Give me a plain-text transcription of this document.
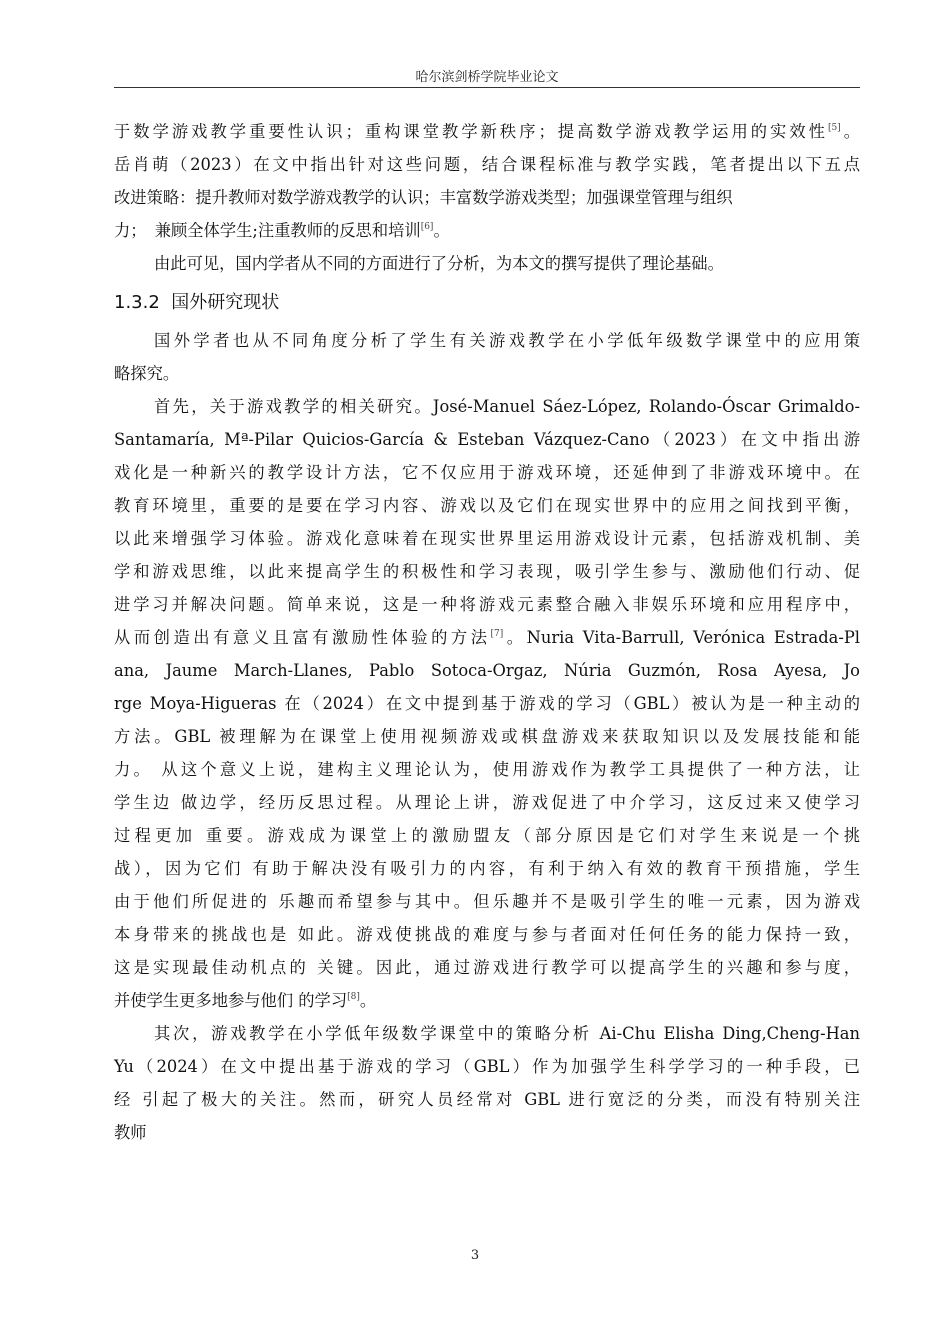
哈尔滨剑桥学院毕业论文
于数学游戏教学重要性认识；重构课堂教学新秩序；提高数学游戏教学运用的实效性[5]。
岳肖萌（2023）在文中指出针对这些问题，结合课程标准与教学实践，笔者提出以下五点
改进策略：提升教师对数学游戏教学的认识；丰富数学游戏类型；加强课堂管理与组织
力；　兼顾全体学生;注重教师的反思和培训[6]。
由此可见，国内学者从不同的方面进行了分析，为本文的撰写提供了理论基础。
1.3.2 国外研究现状
国外学者也从不同角度分析了学生有关游戏教学在小学低年级数学课堂中的应用策
略探究。
首先，关于游戏教学的相关研究。José-Manuel Sáez-López, Rolando-Óscar Grimaldo-
Santamaría, Mª-Pilar Quicios-García & Esteban Vázquez-Cano（2023）在文中指出游
戏化是一种新兴的教学设计方法，它不仅应用于游戏环境，还延伸到了非游戏环境中。在
教育环境里，重要的是要在学习内容、游戏以及它们在现实世界中的应用之间找到平衡，
以此来增强学习体验。游戏化意味着在现实世界里运用游戏设计元素，包括游戏机制、美
学和游戏思维，以此来提高学生的积极性和学习表现，吸引学生参与、激励他们行动、促
进学习并解决问题。简单来说，这是一种将游戏元素整合融入非娱乐环境和应用程序中，
从而创造出有意义且富有激励性体验的方法[7]。Nuria Vita-Barrull, Verónica Estrada-Pl
ana, Jaume March-Llanes, Pablo Sotoca-Orgaz, Núria Guzmón, Rosa Ayesa, Jo
rge Moya-Higueras 在（2024）在文中提到基于游戏的学习（GBL）被认为是一种主动的
方法。GBL 被理解为在课堂上使用视频游戏或棋盘游戏来获取知识以及发展技能和能
力。 从这个意义上说，建构主义理论认为，使用游戏作为教学工具提供了一种方法，让
学生边 做边学，经历反思过程。从理论上讲，游戏促进了中介学习，这反过来又使学习
过程更加 重要。游戏成为课堂上的激励盟友（部分原因是它们对学生来说是一个挑
战），因为它们 有助于解决没有吸引力的内容，有利于纳入有效的教育干预措施，学生
由于他们所促进的 乐趣而希望参与其中。但乐趣并不是吸引学生的唯一元素，因为游戏
本身带来的挑战也是 如此。游戏使挑战的难度与参与者面对任何任务的能力保持一致，
这是实现最佳动机点的 关键。因此，通过游戏进行教学可以提高学生的兴趣和参与度，
并使学生更多地参与他们 的学习[8]。
其次，游戏教学在小学低年级数学课堂中的策略分析 Ai-Chu Elisha Ding,Cheng-Han
Yu（2024）在文中提出基于游戏的学习（GBL）作为加强学生科学学习的一种手段，已
经 引起了极大的关注。然而，研究人员经常对 GBL 进行宽泛的分类，而没有特别关注
教师
3
